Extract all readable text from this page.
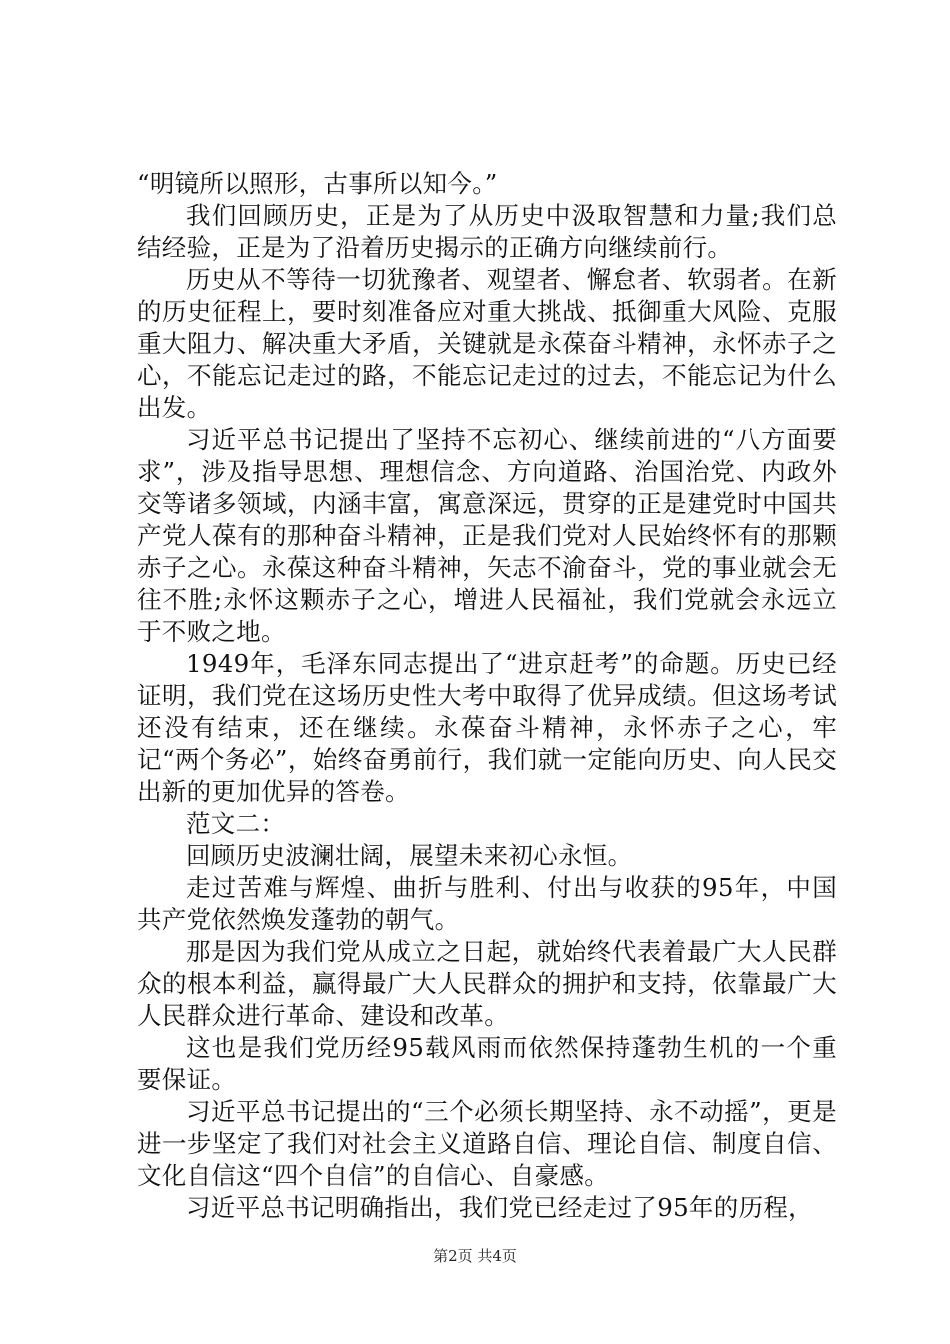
“明镜所以照形，古事所以知今。”

我们回顾历史，正是为了从历史中汲取智慧和力量;我们总结经验，正是为了沿着历史揭示的正确方向继续前行。

历史从不等待一切犹豫者、观望者、懈怠者、软弱者。在新的历史征程上，要时刻准备应对重大挑战、抵御重大风险、克服重大阻力、解决重大矛盾，关键就是永葆奋斗精神，永怀赤子之心，不能忘记走过的路，不能忘记走过的过去，不能忘记为什么出发。

习近平总书记提出了坚持不忘初心、继续前进的“八方面要求”，涉及指导思想、理想信念、方向道路、治国治党、内政外交等诸多领域，内涵丰富，寓意深远，贯穿的正是建党时中国共产党人葆有的那种奋斗精神，正是我们党对人民始终怀有的那颗赤子之心。永葆这种奋斗精神，矢志不渝奋斗，党的事业就会无往不胜;永怀这颗赤子之心，增进人民福祉，我们党就会永远立于不败之地。

1949年，毛泽东同志提出了“进京赶考”的命题。历史已经证明，我们党在这场历史性大考中取得了优异成绩。但这场考试还没有结束，还在继续。永葆奋斗精神，永怀赤子之心，牢记“两个务必”，始终奋勇前行，我们就一定能向历史、向人民交出新的更加优异的答卷。

范文二：

回顾历史波澜壮阔，展望未来初心永恒。

走过苦难与辉煌、曲折与胜利、付出与收获的95年，中国共产党依然焕发蓬勃的朝气。

那是因为我们党从成立之日起，就始终代表着最广大人民群众的根本利益，赢得最广大人民群众的拥护和支持，依靠最广大人民群众进行革命、建设和改革。

这也是我们党历经95载风雨而依然保持蓬勃生机的一个重要保证。

习近平总书记提出的“三个必须长期坚持、永不动摇”，更是进一步坚定了我们对社会主义道路自信、理论自信、制度自信、文化自信这“四个自信”的自信心、自豪感。

习近平总书记明确指出，我们党已经走过了95年的历程，

第2页 共4页
